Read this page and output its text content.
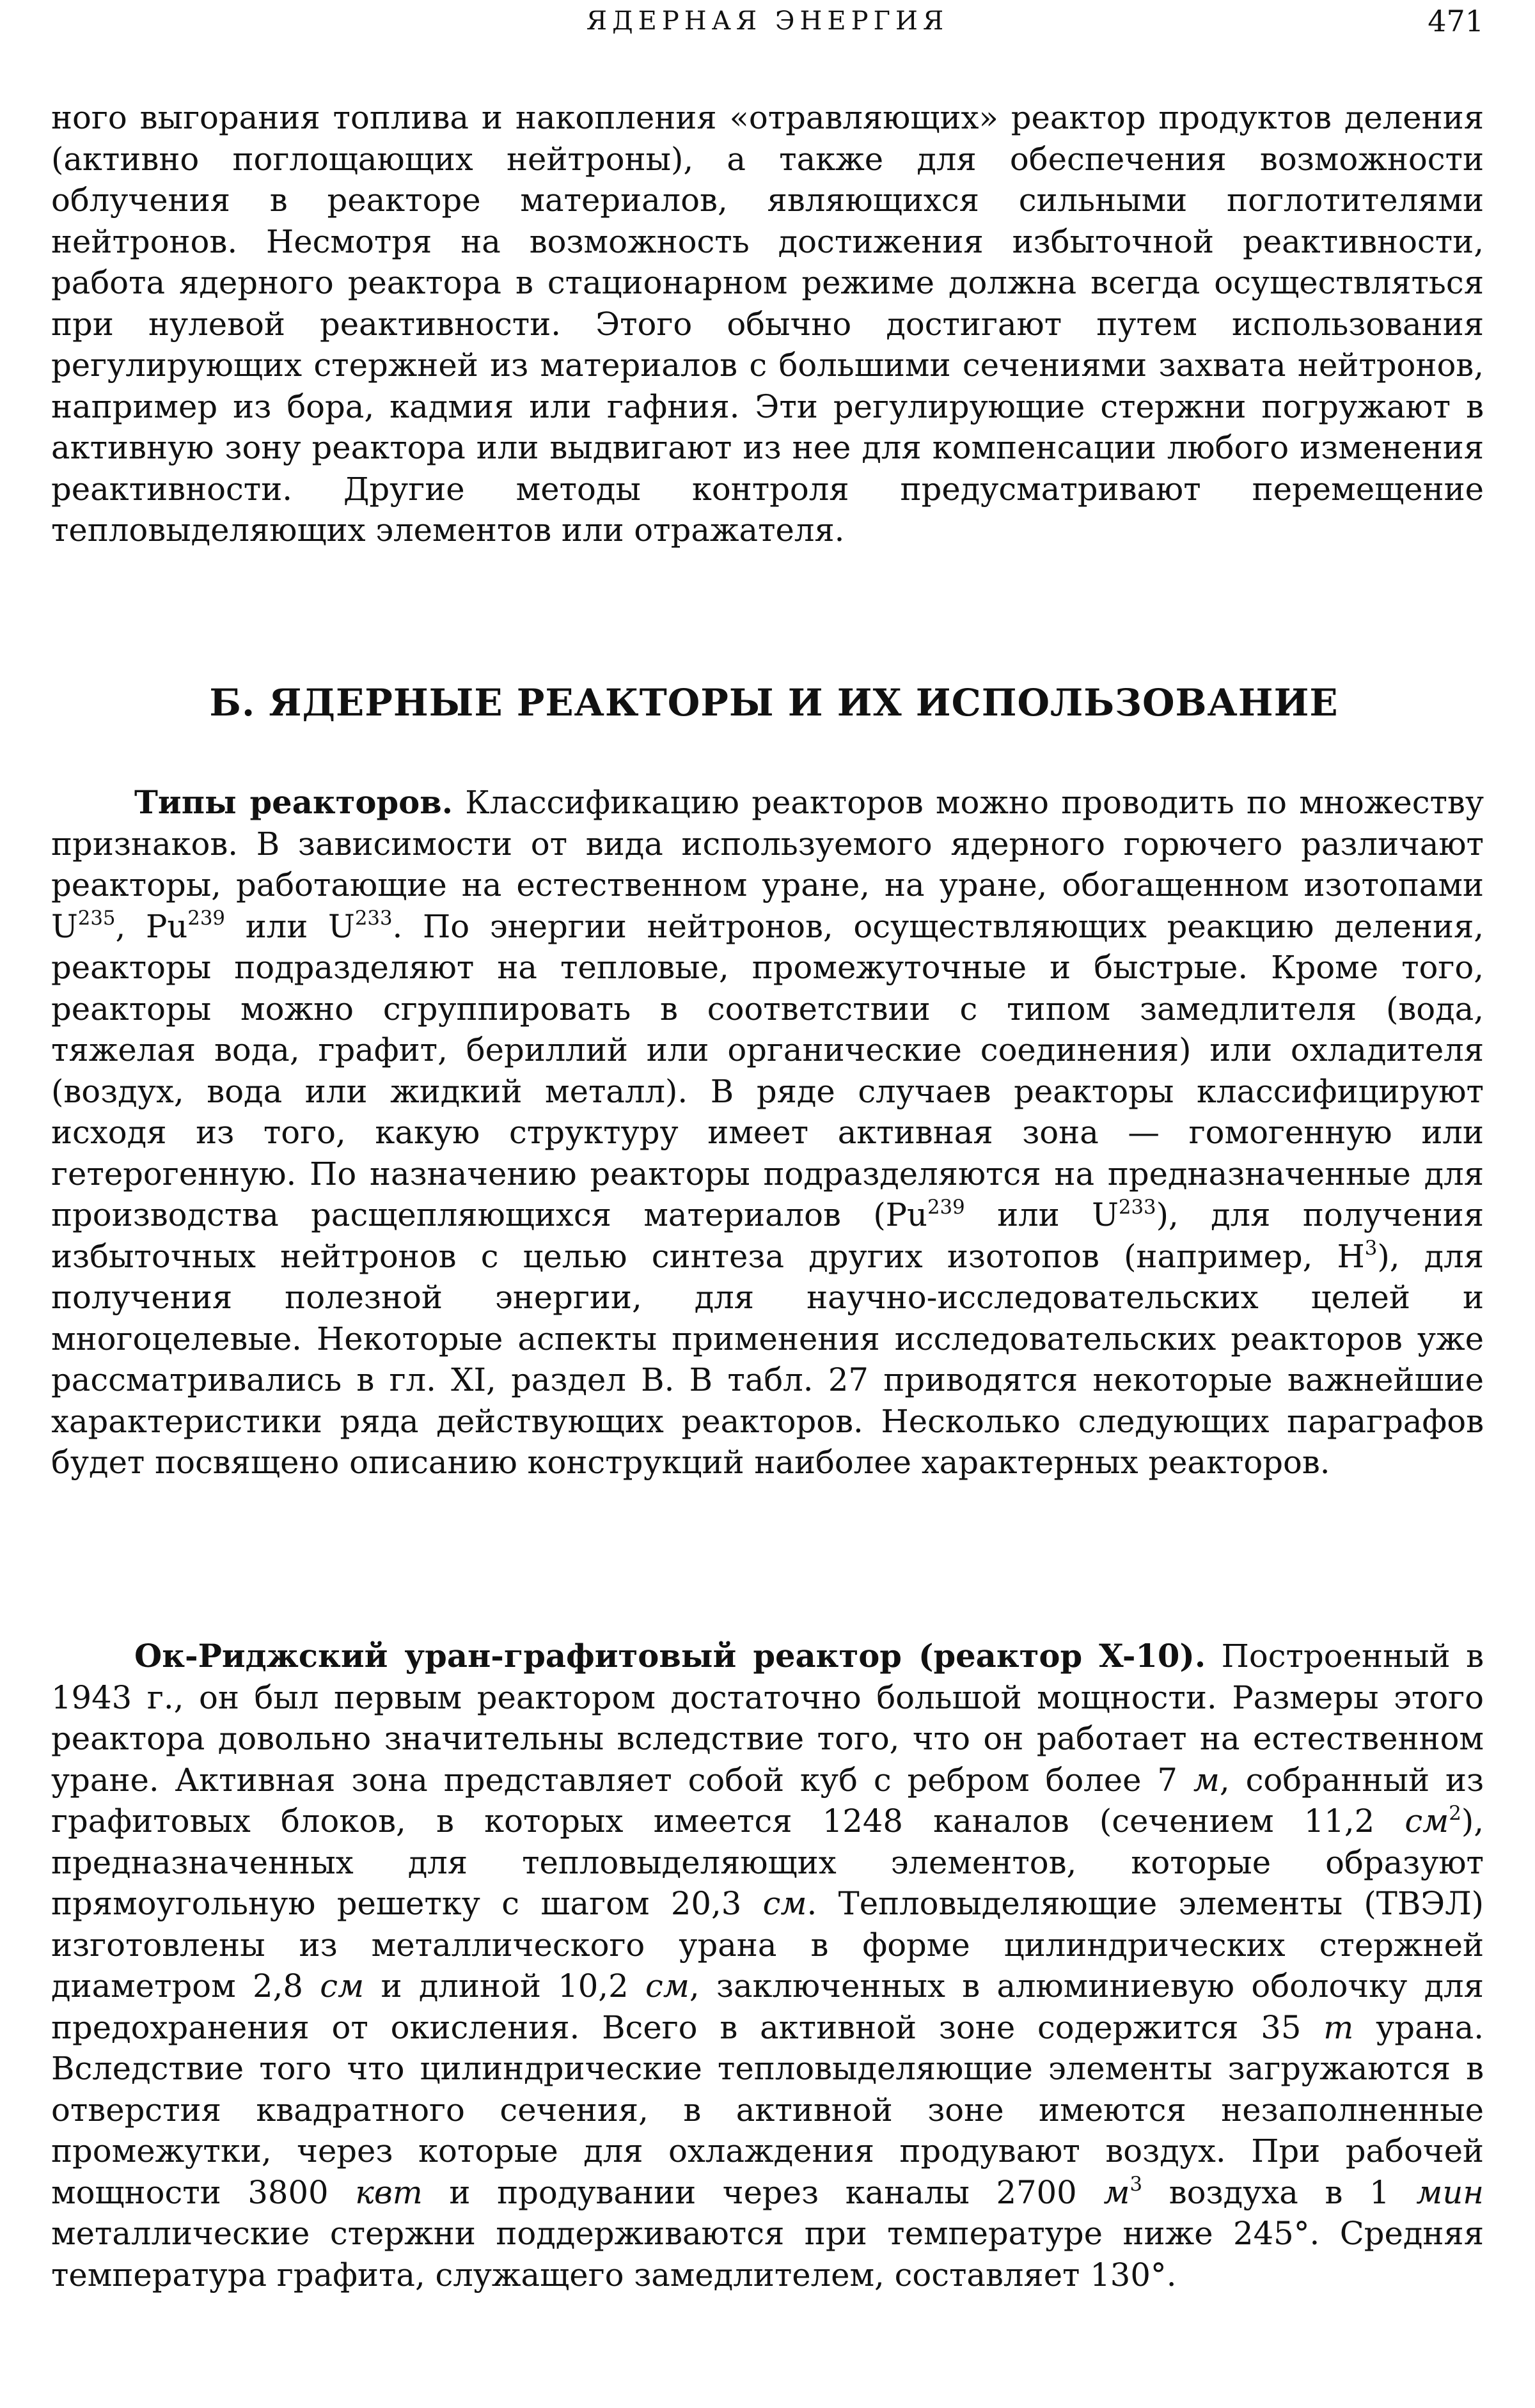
ЯДЕРНАЯ ЭНЕРГИЯ	471

ного выгорания топлива и накопления «отравляющих» реактор продуктов деления (активно поглощающих нейтроны), а также для обеспечения возможности облучения в реакторе материалов, являющихся сильными поглотителями нейтронов. Несмотря на возможность достижения избыточной реактивности, работа ядерного реактора в стационарном режиме должна всегда осуществляться при нулевой реактивности. Этого обычно достигают путем использования регулирующих стержней из материалов с большими сечениями захвата нейтронов, например из бора, кадмия или гафния. Эти регулирующие стержни погружают в активную зону реактора или выдвигают из нее для компенсации любого изменения реактивности. Другие методы контроля предусматривают перемещение тепловыделяющих элементов или отражателя.

Б. ЯДЕРНЫЕ РЕАКТОРЫ И ИХ ИСПОЛЬЗОВАНИЕ

Типы реакторов. Классификацию реакторов можно проводить по множеству признаков. В зависимости от вида используемого ядерного горючего различают реакторы, работающие на естественном уране, на уране, обогащенном изотопами $U^{235}$, Pu$^{239}$ или $U^{233}$. По энергии нейтронов, осуществляющих реакцию деления, реакторы подразделяют на тепловые, промежуточные и быстрые. Кроме того, реакторы можно сгруппировать в соответствии с типом замедлителя (вода, тяжелая вода, графит, бериллий или органические соединения) или охладителя (воздух, вода или жидкий металл). В ряде случаев реакторы классифицируют исходя из того, какую структуру имеет активная зона — гомогенную или гетерогенную. По назначению реакторы подразделяются на предназначенные для производства расщепляющихся материалов (Pu$^{239}$ или $U^{233}$), для получения избыточных нейтронов с целью синтеза других изотопов (например, $H^3$), для получения полезной энергии, для научно-исследовательских целей и многоцелевые. Некоторые аспекты применения исследовательских реакторов уже рассматривались в гл. XI, раздел В. В табл. 27 приводятся некоторые важнейшие характеристики ряда действующих реакторов. Несколько следующих параграфов будет посвящено описанию конструкций наиболее характерных реакторов.

Ок-Риджский уран-графитовый реактор (реактор X-10). Построенный в 1943 г., он был первым реактором достаточно большой мощности. Размеры этого реактора довольно значительны вследствие того, что он работает на естественном уране. Активная зона представляет собой куб с ребром более 7 м, собранный из графитовых блоков, в которых имеется 1248 каналов (сечением 11,2 $см^2$), предназначенных для тепловыделяющих элементов, которые образуют прямоугольную решетку с шагом 20,3 см. Тепловыделяющие элементы (ТВЭЛ) изготовлены из металлического урана в форме цилиндрических стержней диаметром 2,8 см и длиной 10,2 см, заключенных в алюминиевую оболочку для предохранения от окисления. Всего в активной зоне содержится 35 т урана. Вследствие того что цилиндрические тепловыделяющие элементы загружаются в отверстия квадратного сечения, в активной зоне имеются незаполненные промежутки, через которые для охлаждения продувают воздух. При рабочей мощности 3800 квт и продувании через каналы 2700 $м^3$ воздуха в 1 мин металлические стержни поддерживаются при температуре ниже 245°. Средняя температура графита, служащего замедлителем, составляет 130°.
